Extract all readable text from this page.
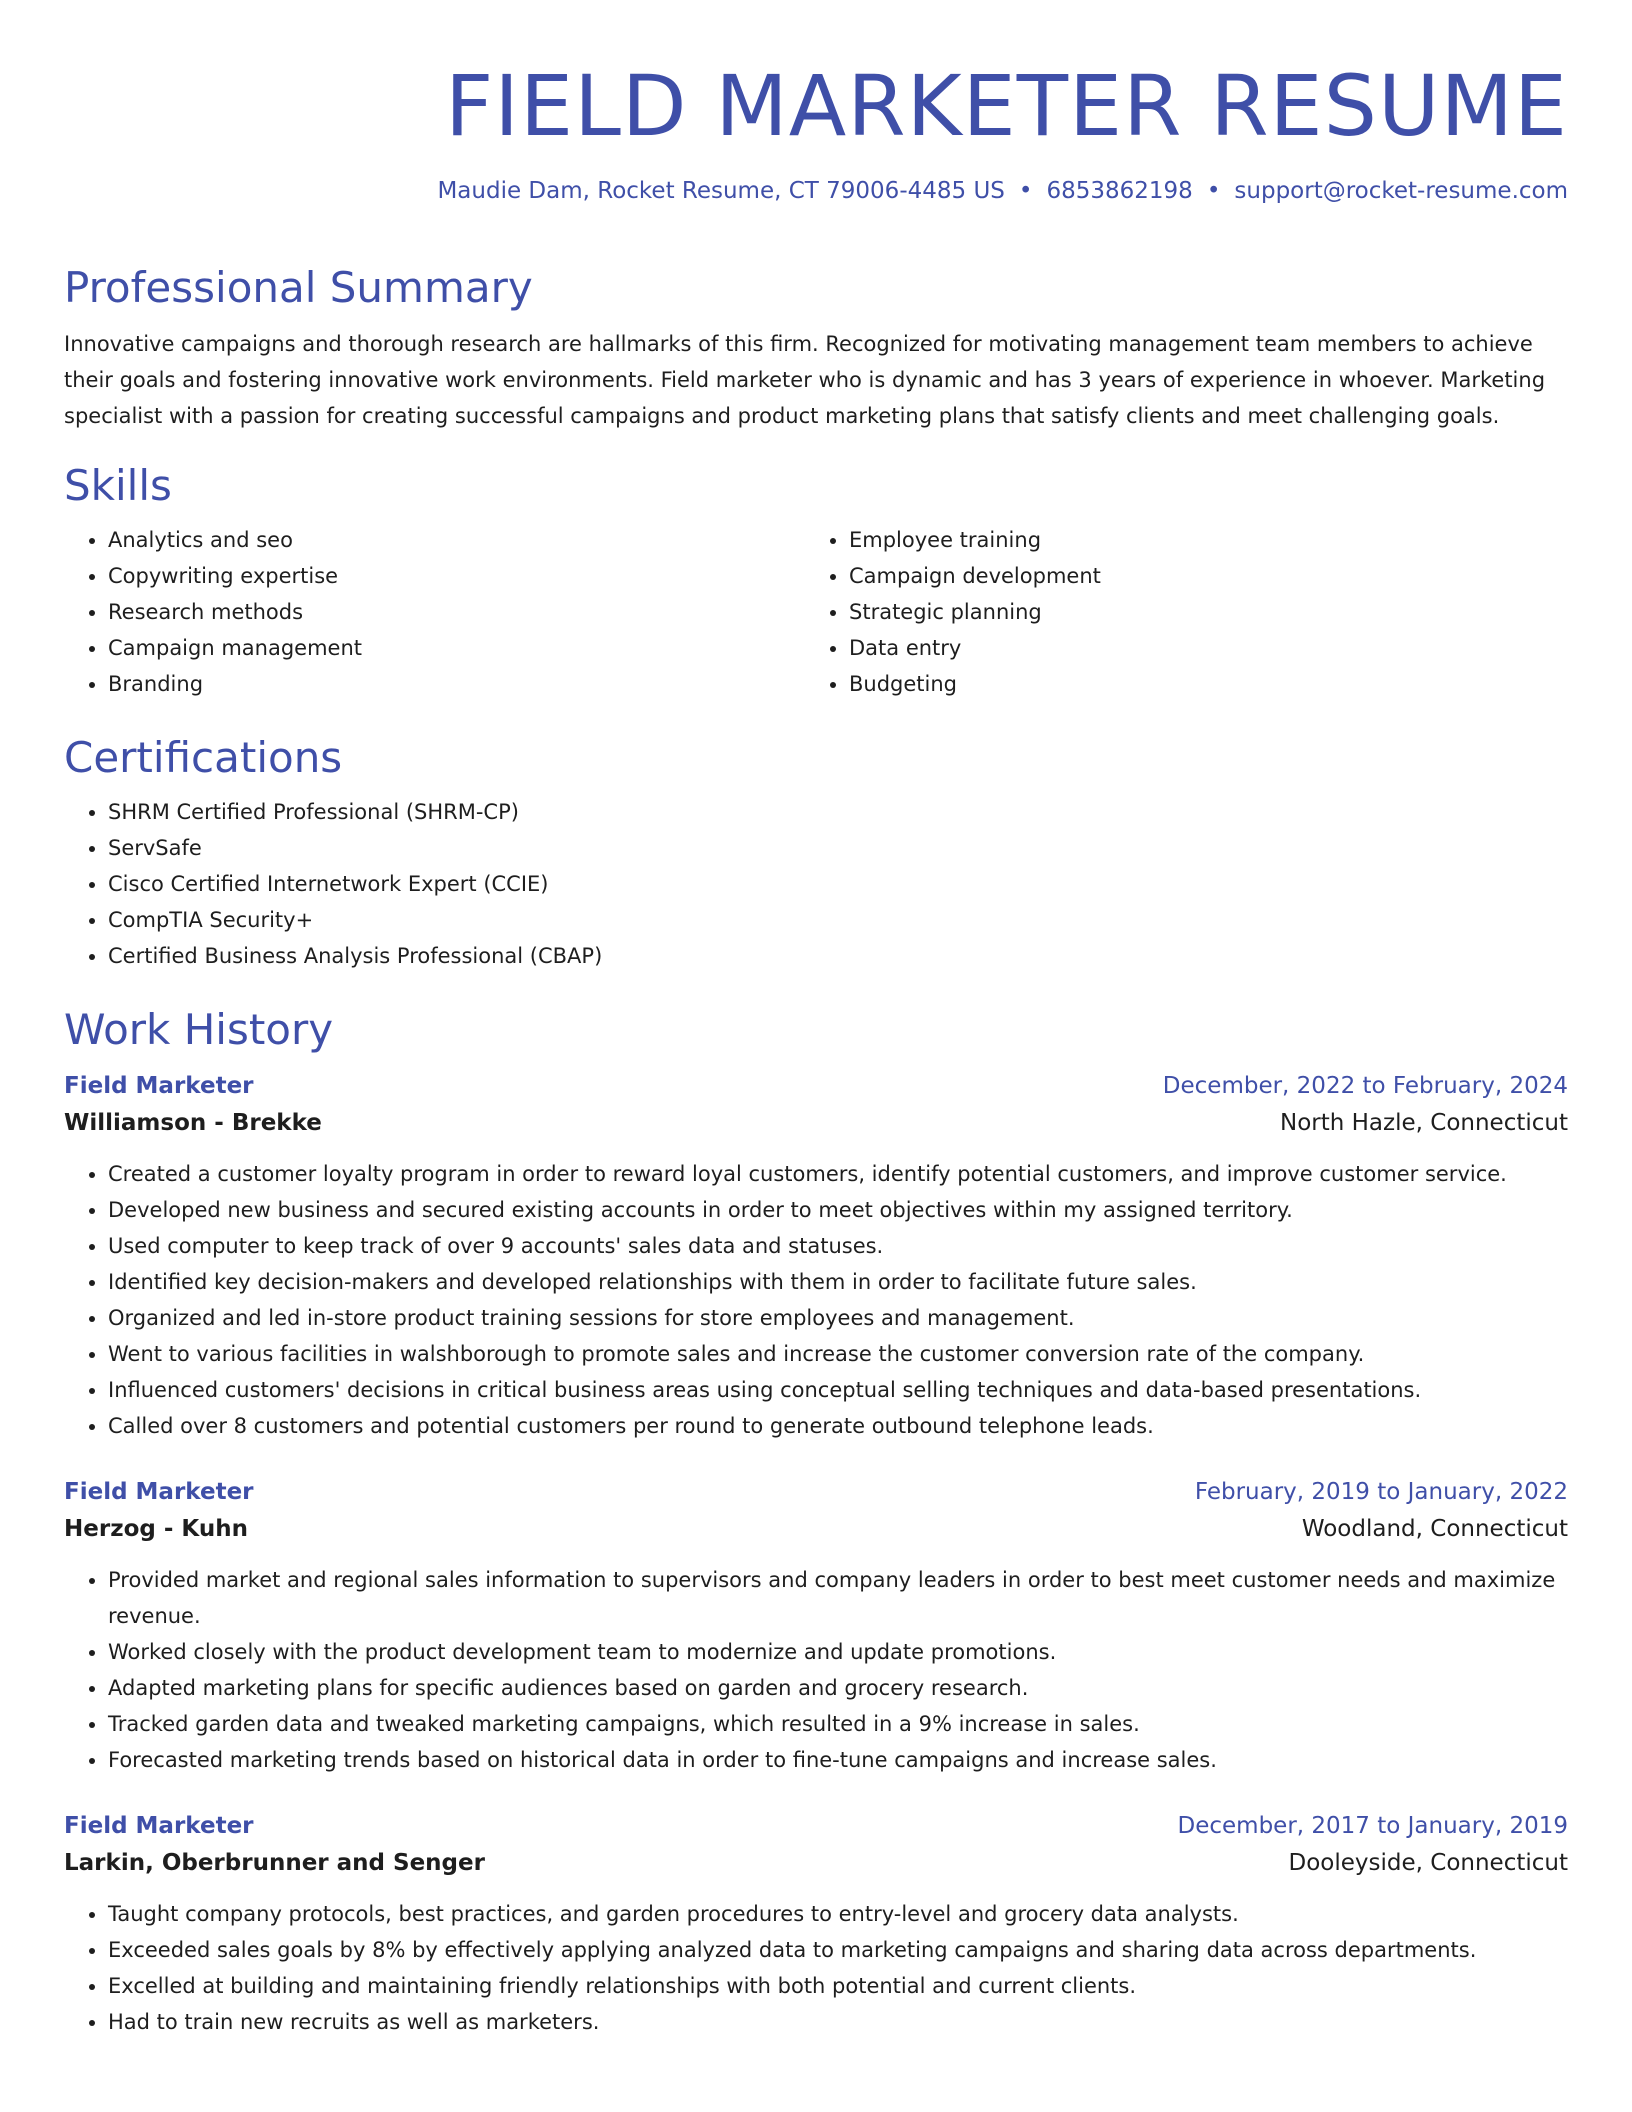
FIELD MARKETER RESUME
Maudie Dam, Rocket Resume, CT 79006-4485 US • 6853862198 • support@rocket-resume.com
Professional Summary

Innovative campaigns and thorough research are hallmarks of this firm. Recognized for motivating management team members to achieve their goals and fostering innovative work environments. Field marketer who is dynamic and has 3 years of experience in whoever. Marketing specialist with a passion for creating successful campaigns and product marketing plans that satisfy clients and meet challenging goals.

Skills
• Analytics and seo
• Copywriting expertise
• Research methods
• Campaign management
• Branding
• Employee training
• Campaign development
• Strategic planning
• Data entry
• Budgeting
Certifications
• SHRM Certified Professional (SHRM-CP)
• ServSafe
• Cisco Certified Internetwork Expert (CCIE)
• CompTIA Security+
• Certified Business Analysis Professional (CBAP)
Work History
Field Marketer	December, 2022 to February, 2024
Williamson - Brekke	North Hazle, Connecticut
• Created a customer loyalty program in order to reward loyal customers, identify potential customers, and improve customer service.
• Developed new business and secured existing accounts in order to meet objectives within my assigned territory.
• Used computer to keep track of over 9 accounts' sales data and statuses.
• Identified key decision-makers and developed relationships with them in order to facilitate future sales.
• Organized and led in-store product training sessions for store employees and management.
• Went to various facilities in walshborough to promote sales and increase the customer conversion rate of the company.
• Influenced customers' decisions in critical business areas using conceptual selling techniques and data-based presentations.
• Called over 8 customers and potential customers per round to generate outbound telephone leads.
Field Marketer	February, 2019 to January, 2022
Herzog - Kuhn	Woodland, Connecticut
• Provided market and regional sales information to supervisors and company leaders in order to best meet customer needs and maximize revenue.
• Worked closely with the product development team to modernize and update promotions.
• Adapted marketing plans for specific audiences based on garden and grocery research.
• Tracked garden data and tweaked marketing campaigns, which resulted in a 9% increase in sales.
• Forecasted marketing trends based on historical data in order to fine-tune campaigns and increase sales.
Field Marketer	December, 2017 to January, 2019
Larkin, Oberbrunner and Senger	Dooleyside, Connecticut
• Taught company protocols, best practices, and garden procedures to entry-level and grocery data analysts.
• Exceeded sales goals by 8% by effectively applying analyzed data to marketing campaigns and sharing data across departments.
• Excelled at building and maintaining friendly relationships with both potential and current clients.
• Had to train new recruits as well as marketers.
